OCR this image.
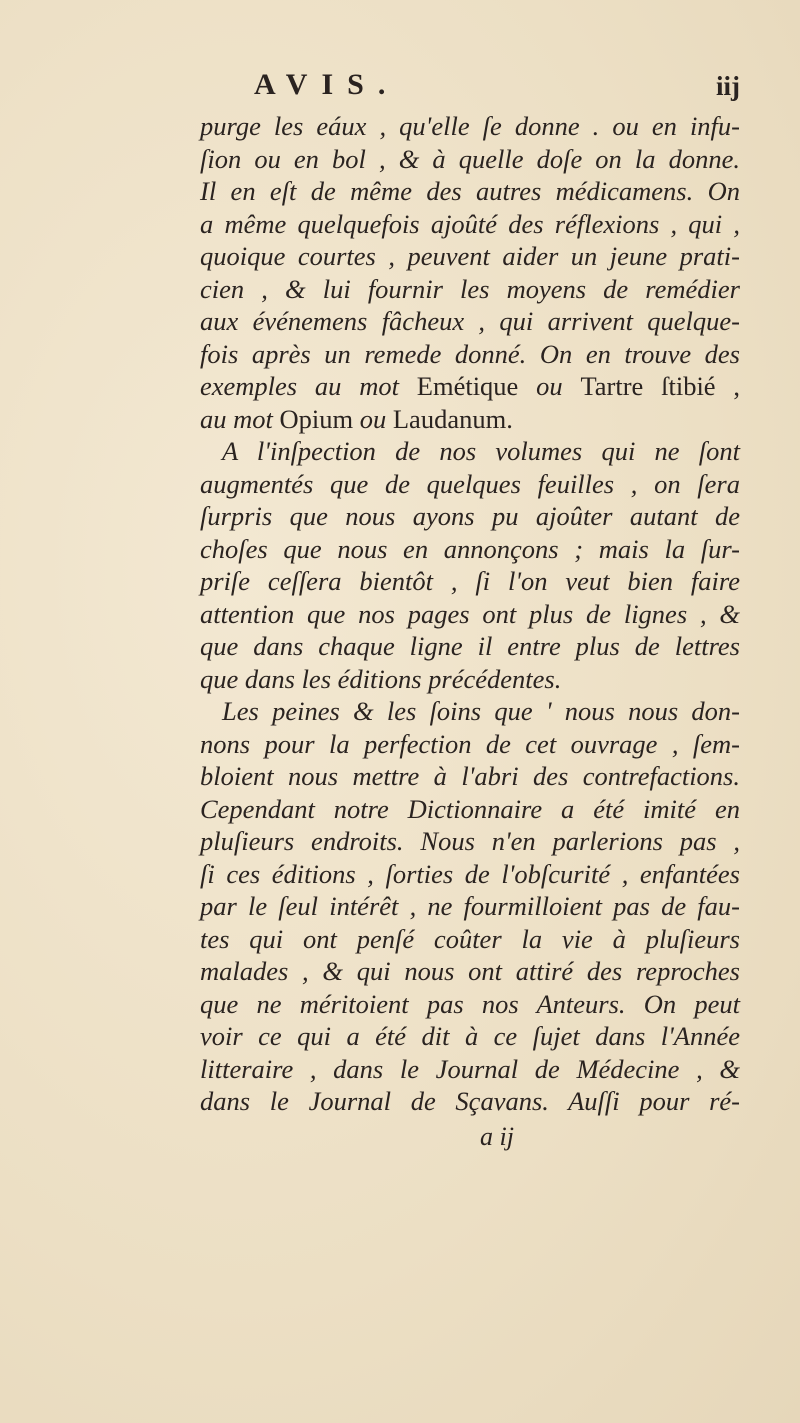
AVIS.	iij
purge les eáux , qu'elle ſe donne . ou en infu-
ſion ou en bol , & à quelle doſe on la donne.
Il en eſt de même des autres médicamens. On
a même quelquefois ajoûté des réflexions , qui ,
quoique courtes , peuvent aider un jeune prati-
cien , & lui fournir les moyens de remédier
aux événemens fâcheux , qui arrivent quelque-
fois après un remede donné. On en trouve des
exemples au mot Emétique ou Tartre ſtibié ,
au mot Opium ou Laudanum.
A l'inſpection de nos volumes qui ne ſont
augmentés que de quelques feuilles , on ſera
ſurpris que nous ayons pu ajoûter autant de
choſes que nous en annonçons ; mais la ſur-
priſe ceſſera bientôt , ſi l'on veut bien faire
attention que nos pages ont plus de lignes , &
que dans chaque ligne il entre plus de lettres
que dans les éditions précédentes.
Les peines & les ſoins que ' nous nous don-
nons pour la perfection de cet ouvrage , ſem-
bloient nous mettre à l'abri des contrefactions.
Cependant notre Dictionnaire a été imité en
pluſieurs endroits. Nous n'en parlerions pas ,
ſi ces éditions , ſorties de l'obſcurité , enfantées
par le ſeul intérêt , ne fourmilloient pas de fau-
tes qui ont penſé coûter la vie à pluſieurs
malades , & qui nous ont attiré des reproches
que ne méritoient pas nos Anteurs. On peut
voir ce qui a été dit à ce ſujet dans l'Année
litteraire , dans le Journal de Médecine , &
dans le Journal de Sçavans. Auſſi pour ré-
a ij
